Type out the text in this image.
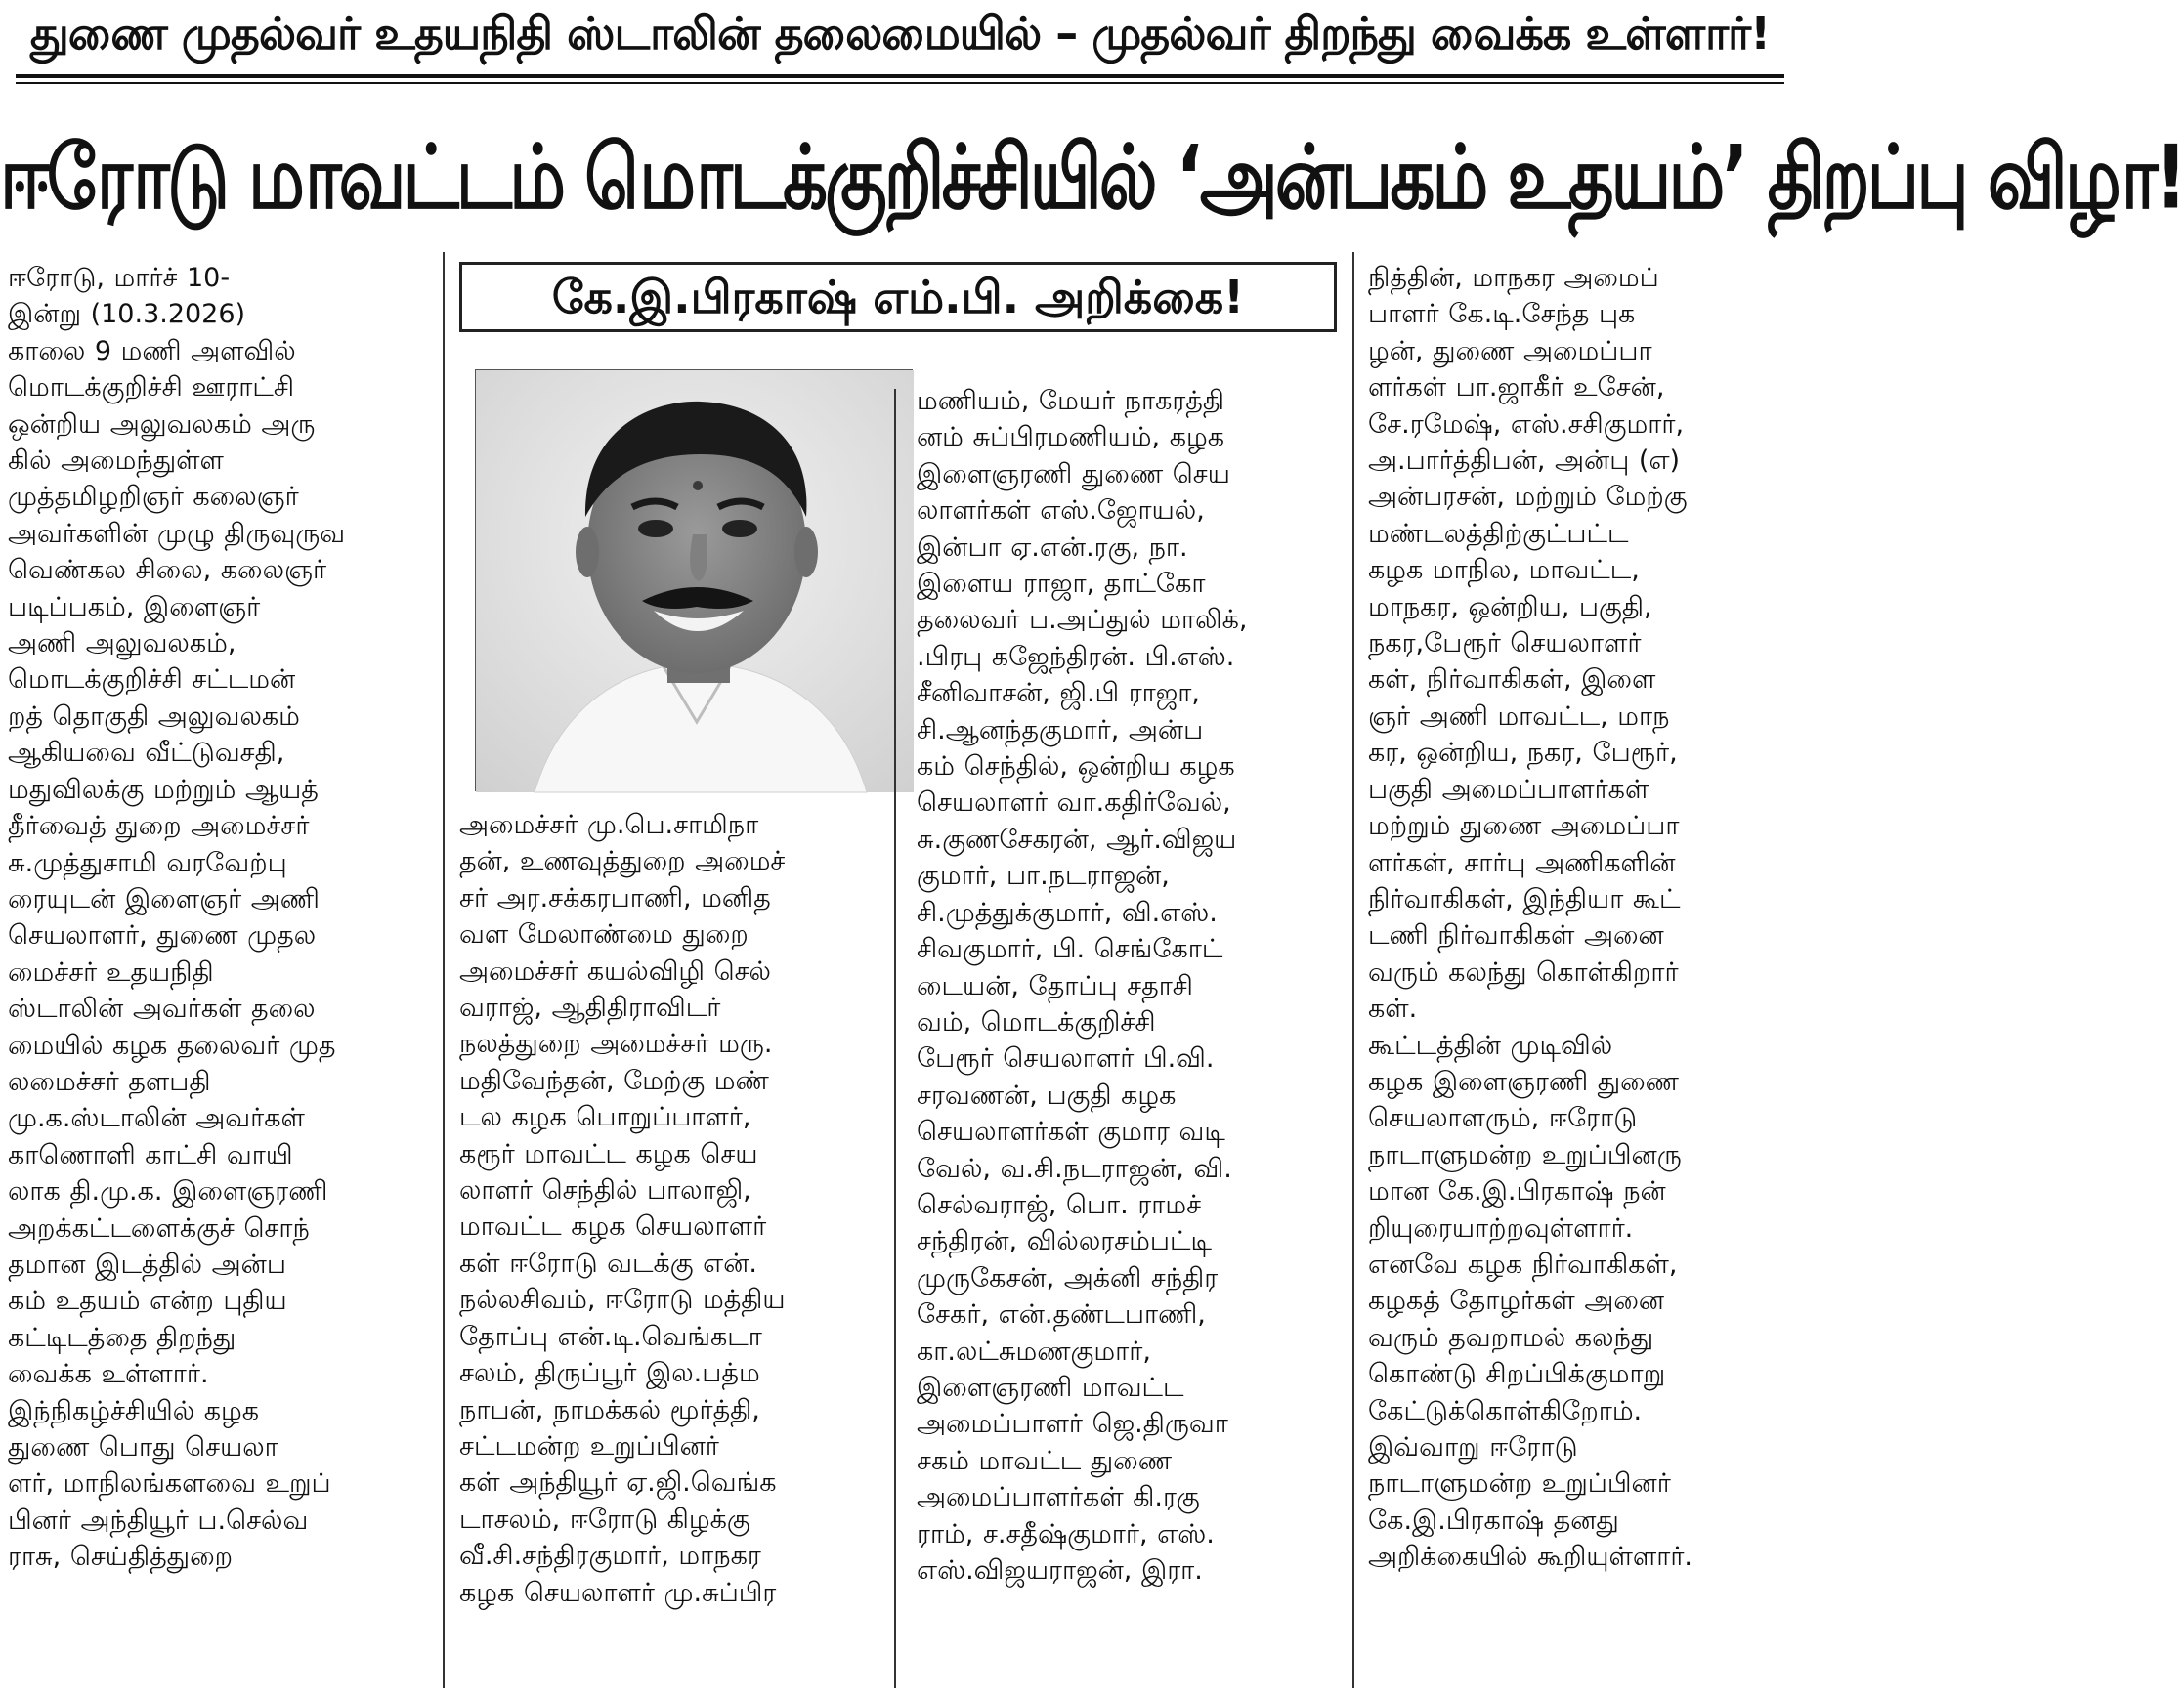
துணை முதல்வர் உதயநிதி ஸ்டாலின் தலைமையில் – முதல்வர் திறந்து வைக்க உள்ளார்!
ஈரோடு மாவட்டம் மொடக்குறிச்சியில் ‘அன்பகம் உதயம்’ திறப்பு விழா!
கே.இ.பிரகாஷ் எம்.பி. அறிக்கை!
ஈரோடு, மார்ச் 10-
இன்று (10.3.2026)
காலை 9 மணி அளவில்
மொடக்குறிச்சி ஊராட்சி
ஒன்றிய அலுவலகம் அரு
கில் அமைந்துள்ள
முத்தமிழறிஞர் கலைஞர்
அவர்களின் முழு திருவுருவ
வெண்கல சிலை, கலைஞர்
படிப்பகம், இளைஞர்
அணி அலுவலகம்,
மொடக்குறிச்சி சட்டமன்
றத் தொகுதி அலுவலகம்
ஆகியவை வீட்டுவசதி,
மதுவிலக்கு மற்றும் ஆயத்
தீர்வைத் துறை அமைச்சர்
சு.முத்துசாமி வரவேற்பு
ரையுடன் இளைஞர் அணி
செயலாளர், துணை முதல
மைச்சர் உதயநிதி
ஸ்டாலின் அவர்கள் தலை
மையில் கழக தலைவர் முத
லமைச்சர் தளபதி
மு.க.ஸ்டாலின் அவர்கள்
காணொளி காட்சி வாயி
லாக தி.மு.க. இளைஞரணி
அறக்கட்டளைக்குச் சொந்
தமான இடத்தில் அன்ப
கம் உதயம் என்ற புதிய
கட்டிடத்தை திறந்து
வைக்க உள்ளார்.
இந்நிகழ்ச்சியில் கழக
துணை பொது செயலா
ளர், மாநிலங்களவை உறுப்
பினர் அந்தியூர் ப.செல்வ
ராசு, செய்தித்துறை
அமைச்சர் மு.பெ.சாமிநா
தன், உணவுத்துறை அமைச்
சர் அர.சக்கரபாணி, மனித
வள மேலாண்மை துறை
அமைச்சர் கயல்விழி செல்
வராஜ், ஆதிதிராவிடர்
நலத்துறை அமைச்சர் மரு.
மதிவேந்தன், மேற்கு மண்
டல கழக பொறுப்பாளர்,
கரூர் மாவட்ட கழக செய
லாளர் செந்தில் பாலாஜி,
மாவட்ட கழக செயலாளர்
கள் ஈரோடு வடக்கு என்.
நல்லசிவம், ஈரோடு மத்திய
தோப்பு என்.டி.வெங்கடா
சலம், திருப்பூர் இல.பத்ம
நாபன், நாமக்கல் மூர்த்தி,
சட்டமன்ற உறுப்பினர்
கள் அந்தியூர் ஏ.ஜி.வெங்க
டாசலம், ஈரோடு கிழக்கு
வீ.சி.சந்திரகுமார், மாநகர
கழக செயலாளர் மு.சுப்பிர
மணியம், மேயர் நாகரத்தி
னம் சுப்பிரமணியம், கழக
இளைஞரணி துணை செய
லாளர்கள் எஸ்.ஜோயல்,
இன்பா ஏ.என்.ரகு, நா.
இளைய ராஜா, தாட்கோ
தலைவர் ப.அப்துல் மாலிக்,
.பிரபு கஜேந்திரன். பி.எஸ்.
சீனிவாசன், ஜி.பி ராஜா,
சி.ஆனந்தகுமார், அன்ப
கம் செந்தில், ஒன்றிய கழக
செயலாளர் வா.கதிர்வேல்,
சு.குணசேகரன், ஆர்.விஜய
குமார், பா.நடராஜன்,
சி.முத்துக்குமார், வி.எஸ்.
சிவகுமார், பி. செங்கோட்
டையன், தோப்பு சதாசி
வம், மொடக்குறிச்சி
பேரூர் செயலாளர் பி.வி.
சரவணன், பகுதி கழக
செயலாளர்கள் குமார வடி
வேல், வ.சி.நடராஜன், வி.
செல்வராஜ், பொ. ராமச்
சந்திரன், வில்லரசம்பட்டி
முருகேசன், அக்னி சந்திர
சேகர், என்.தண்டபாணி,
கா.லட்சுமணகுமார்,
இளைஞரணி மாவட்ட
அமைப்பாளர் ஜெ.திருவா
சகம் மாவட்ட துணை
அமைப்பாளர்கள் கி.ரகு
ராம், ச.சதீஷ்குமார், எஸ்.
எஸ்.விஜயராஜன், இரா.
நித்தின், மாநகர அமைப்
பாளர் கே.டி.சேந்த புக
ழன், துணை அமைப்பா
ளர்கள் பா.ஜாகீர் உசேன்,
சே.ரமேஷ், எஸ்.சசிகுமார்,
அ.பார்த்திபன், அன்பு (எ)
அன்பரசன், மற்றும் மேற்கு
மண்டலத்திற்குட்பட்ட
கழக மாநில, மாவட்ட,
மாநகர, ஒன்றிய, பகுதி,
நகர,பேரூர் செயலாளர்
கள், நிர்வாகிகள், இளை
ஞர் அணி மாவட்ட, மாந
கர, ஒன்றிய, நகர, பேரூர்,
பகுதி அமைப்பாளர்கள்
மற்றும் துணை அமைப்பா
ளர்கள், சார்பு அணிகளின்
நிர்வாகிகள், இந்தியா கூட்
டணி நிர்வாகிகள் அனை
வரும் கலந்து கொள்கிறார்
கள்.
கூட்டத்தின் முடிவில்
கழக இளைஞரணி துணை
செயலாளரும், ஈரோடு
நாடாளுமன்ற உறுப்பினரு
மான கே.இ.பிரகாஷ் நன்
றியுரையாற்றவுள்ளார்.
எனவே கழக நிர்வாகிகள்,
கழகத் தோழர்கள் அனை
வரும் தவறாமல் கலந்து
கொண்டு சிறப்பிக்குமாறு
கேட்டுக்கொள்கிறோம்.
இவ்வாறு ஈரோடு
நாடாளுமன்ற உறுப்பினர்
கே.இ.பிரகாஷ் தனது
அறிக்கையில் கூறியுள்ளார்.
